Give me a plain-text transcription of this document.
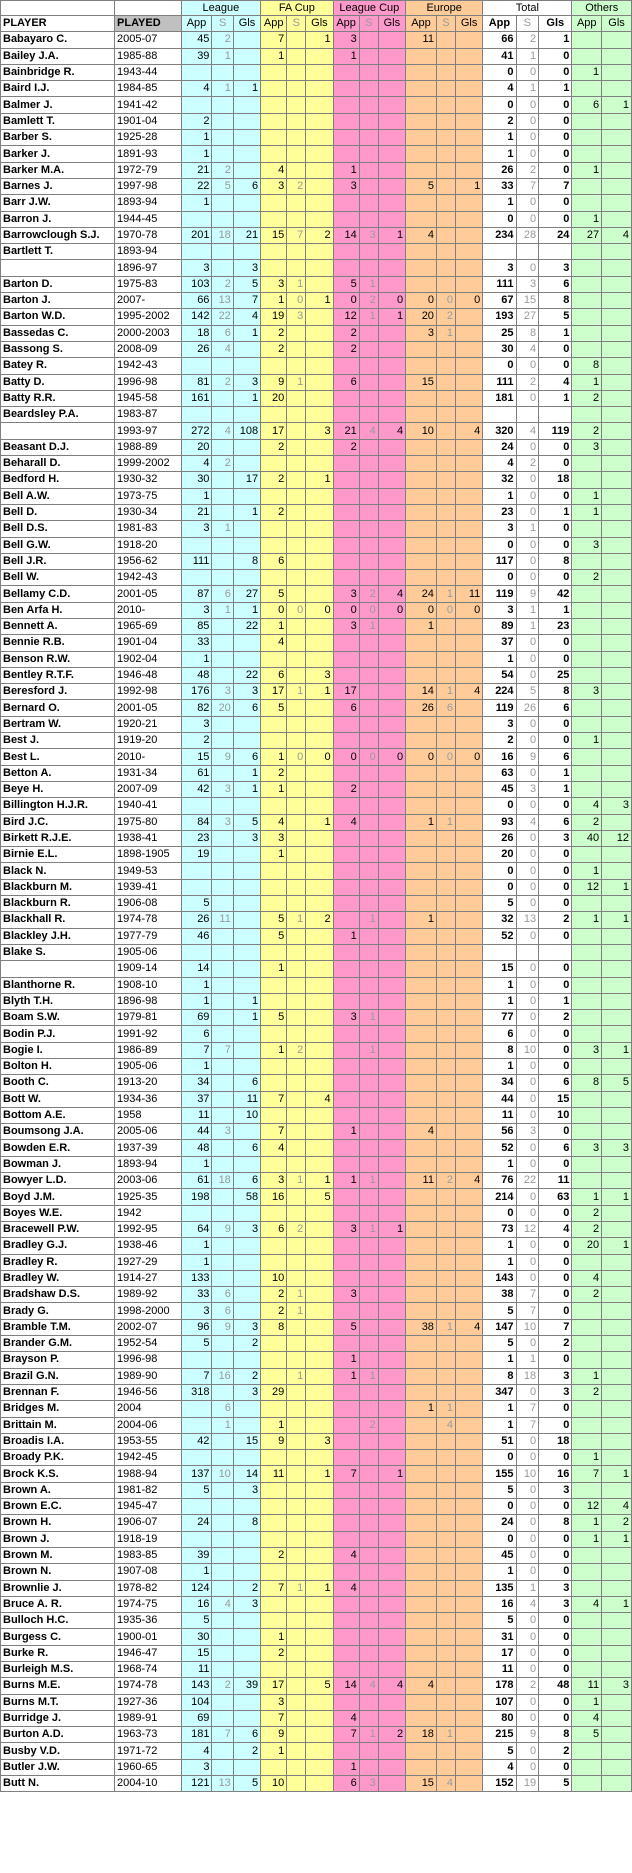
		League			FA Cup			League Cup			Europe			Total			Others	
PLAYER	PLAYED	App	S	Gls	App	S	Gls	App	S	Gls	App	S	Gls	App	S	Gls	App	Gls
Babayaro C.	2005-07	45	2		7		1	3			11			66	2	1		
Bailey J.A.	1985-88	39	1		1			1						41	1	0		
Bainbridge R.	1943-44													0	0	0	1	
Baird I.J.	1984-85	4	1	1										4	1	1		
Balmer J.	1941-42													0	0	0	6	1
Bamlett T.	1901-04	2												2	0	0		
Barber S.	1925-28	1												1	0	0		
Barker J.	1891-93	1												1	0	0		
Barker M.A.	1972-79	21	2		4			1						26	2	0	1	
Barnes J.	1997-98	22	5	6	3	2		3			5		1	33	7	7		
Barr J.W.	1893-94	1												1	0	0		
Barron J.	1944-45													0	0	0	1	
Barrowclough S.J.	1970-78	201	18	21	15	7	2	14	3	1	4			234	28	24	27	4
Bartlett T.	1893-94																	
	1896-97	3		3										3	0	3		
Barton D.	1975-83	103	2	5	3	1		5	1					111	3	6		
Barton J.	2007-	66	13	7	1	0	1	0	2	0	0	0	0	67	15	8		
Barton W.D.	1995-2002	142	22	4	19	3		12	1	1	20	2		193	27	5		
Bassedas C.	2000-2003	18	6	1	2			2			3	1		25	8	1		
Bassong S.	2008-09	26	4		2			2						30	4	0		
Batey R.	1942-43													0	0	0	8	
Batty D.	1996-98	81	2	3	9	1		6			15			111	2	4	1	
Batty R.R.	1945-58	161		1	20									181	0	1	2	
Beardsley P.A.	1983-87																	
	1993-97	272	4	108	17		3	21	4	4	10		4	320	4	119	2	
Beasant D.J.	1988-89	20			2			2						24	0	0	3	
Beharall D.	1999-2002	4	2											4	2	0		
Bedford H.	1930-32	30		17	2		1							32	0	18		
Bell A.W.	1973-75	1												1	0	0	1	
Bell D.	1930-34	21		1	2									23	0	1	1	
Bell D.S.	1981-83	3	1											3	1	0		
Bell G.W.	1918-20													0	0	0	3	
Bell J.R.	1956-62	111		8	6									117	0	8		
Bell W.	1942-43													0	0	0	2	
Bellamy C.D.	2001-05	87	6	27	5			3	2	4	24	1	11	119	9	42		
Ben Arfa H.	2010-	3	1	1	0	0	0	0	0	0	0	0	0	3	1	1		
Bennett A.	1965-69	85		22	1			3	1		1			89	1	23		
Bennie R.B.	1901-04	33			4									37	0	0		
Benson R.W.	1902-04	1												1	0	0		
Bentley R.T.F.	1946-48	48		22	6		3							54	0	25		
Beresford J.	1992-98	176	3	3	17	1	1	17			14	1	4	224	5	8	3	
Bernard O.	2001-05	82	20	6	5			6			26	6		119	26	6		
Bertram W.	1920-21	3												3	0	0		
Best J.	1919-20	2												2	0	0	1	
Best L.	2010-	15	9	6	1	0	0	0	0	0	0	0	0	16	9	6		
Betton A.	1931-34	61		1	2									63	0	1		
Beye H.	2007-09	42	3	1	1			2						45	3	1		
Billington H.J.R.	1940-41													0	0	0	4	3
Bird J.C.	1975-80	84	3	5	4		1	4			1	1		93	4	6	2	
Birkett R.J.E.	1938-41	23		3	3									26	0	3	40	12
Birnie E.L.	1898-1905	19			1									20	0	0		
Black N.	1949-53													0	0	0	1	
Blackburn M.	1939-41													0	0	0	12	1
Blackburn R.	1906-08	5												5	0	0		
Blackhall R.	1974-78	26	11		5	1	2		1		1			32	13	2	1	1
Blackley J.H.	1977-79	46			5			1						52	0	0		
Blake S.	1905-06																	
	1909-14	14			1									15	0	0		
Blanthorne R.	1908-10	1												1	0	0		
Blyth T.H.	1896-98	1		1										1	0	1		
Boam S.W.	1979-81	69		1	5			3	1					77	0	2		
Bodin P.J.	1991-92	6												6	0	0		
Bogie I.	1986-89	7	7		1	2			1					8	10	0	3	1
Bolton H.	1905-06	1												1	0	0		
Booth C.	1913-20	34		6										34	0	6	8	5
Bott W.	1934-36	37		11	7		4							44	0	15		
Bottom A.E.	1958	11		10										11	0	10		
Boumsong J.A.	2005-06	44	3		7			1			4			56	3	0		
Bowden E.R.	1937-39	48		6	4									52	0	6	3	3
Bowman J.	1893-94	1												1	0	0		
Bowyer L.D.	2003-06	61	18	6	3	1	1	1	1		11	2	4	76	22	11		
Boyd J.M.	1925-35	198		58	16		5							214	0	63	1	1
Boyes W.E.	1942													0	0	0	2	
Bracewell P.W.	1992-95	64	9	3	6	2		3	1	1				73	12	4	2	
Bradley G.J.	1938-46	1												1	0	0	20	1
Bradley R.	1927-29	1												1	0	0		
Bradley W.	1914-27	133			10									143	0	0	4	
Bradshaw D.S.	1989-92	33	6		2	1		3						38	7	0	2	
Brady G.	1998-2000	3	6		2	1								5	7	0		
Bramble T.M.	2002-07	96	9	3	8			5			38	1	4	147	10	7		
Brander G.M.	1952-54	5		2										5	0	2		
Brayson P.	1996-98							1						1	1	0		
Brazil G.N.	1989-90	7	16	2		1		1	1					8	18	3	1	
Brennan F.	1946-56	318		3	29									347	0	3	2	
Bridges M.	2004		6								1	1		1	7	0		
Brittain M.	2004-06		1		1				2			4		1	7	0		
Broadis I.A.	1953-55	42		15	9		3							51	0	18		
Broady P.K.	1942-45													0	0	0	1	
Brock K.S.	1988-94	137	10	14	11		1	7		1				155	10	16	7	1
Brown A.	1981-82	5		3										5	0	3		
Brown E.C.	1945-47													0	0	0	12	4
Brown H.	1906-07	24		8										24	0	8	1	2
Brown J.	1918-19													0	0	0	1	1
Brown M.	1983-85	39			2			4						45	0	0		
Brown N.	1907-08	1												1	0	0		
Brownlie J.	1978-82	124		2	7	1	1	4						135	1	3		
Bruce A. R.	1974-75	16	4	3										16	4	3	4	1
Bulloch H.C.	1935-36	5												5	0	0		
Burgess C.	1900-01	30			1									31	0	0		
Burke R.	1946-47	15			2									17	0	0		
Burleigh M.S.	1968-74	11												11	0	0		
Burns M.E.	1974-78	143	2	39	17		5	14	4	4	4			178	2	48	11	3
Burns M.T.	1927-36	104			3									107	0	0	1	
Burridge J.	1989-91	69			7			4						80	0	0	4	
Burton A.D.	1963-73	181	7	6	9			7	1	2	18	1		215	9	8	5	
Busby V.D.	1971-72	4		2	1									5	0	2		
Butler J.W.	1960-65	3						1						4	0	0		
Butt N.	2004-10	121	13	5	10			6	3		15	4		152	19	5		
